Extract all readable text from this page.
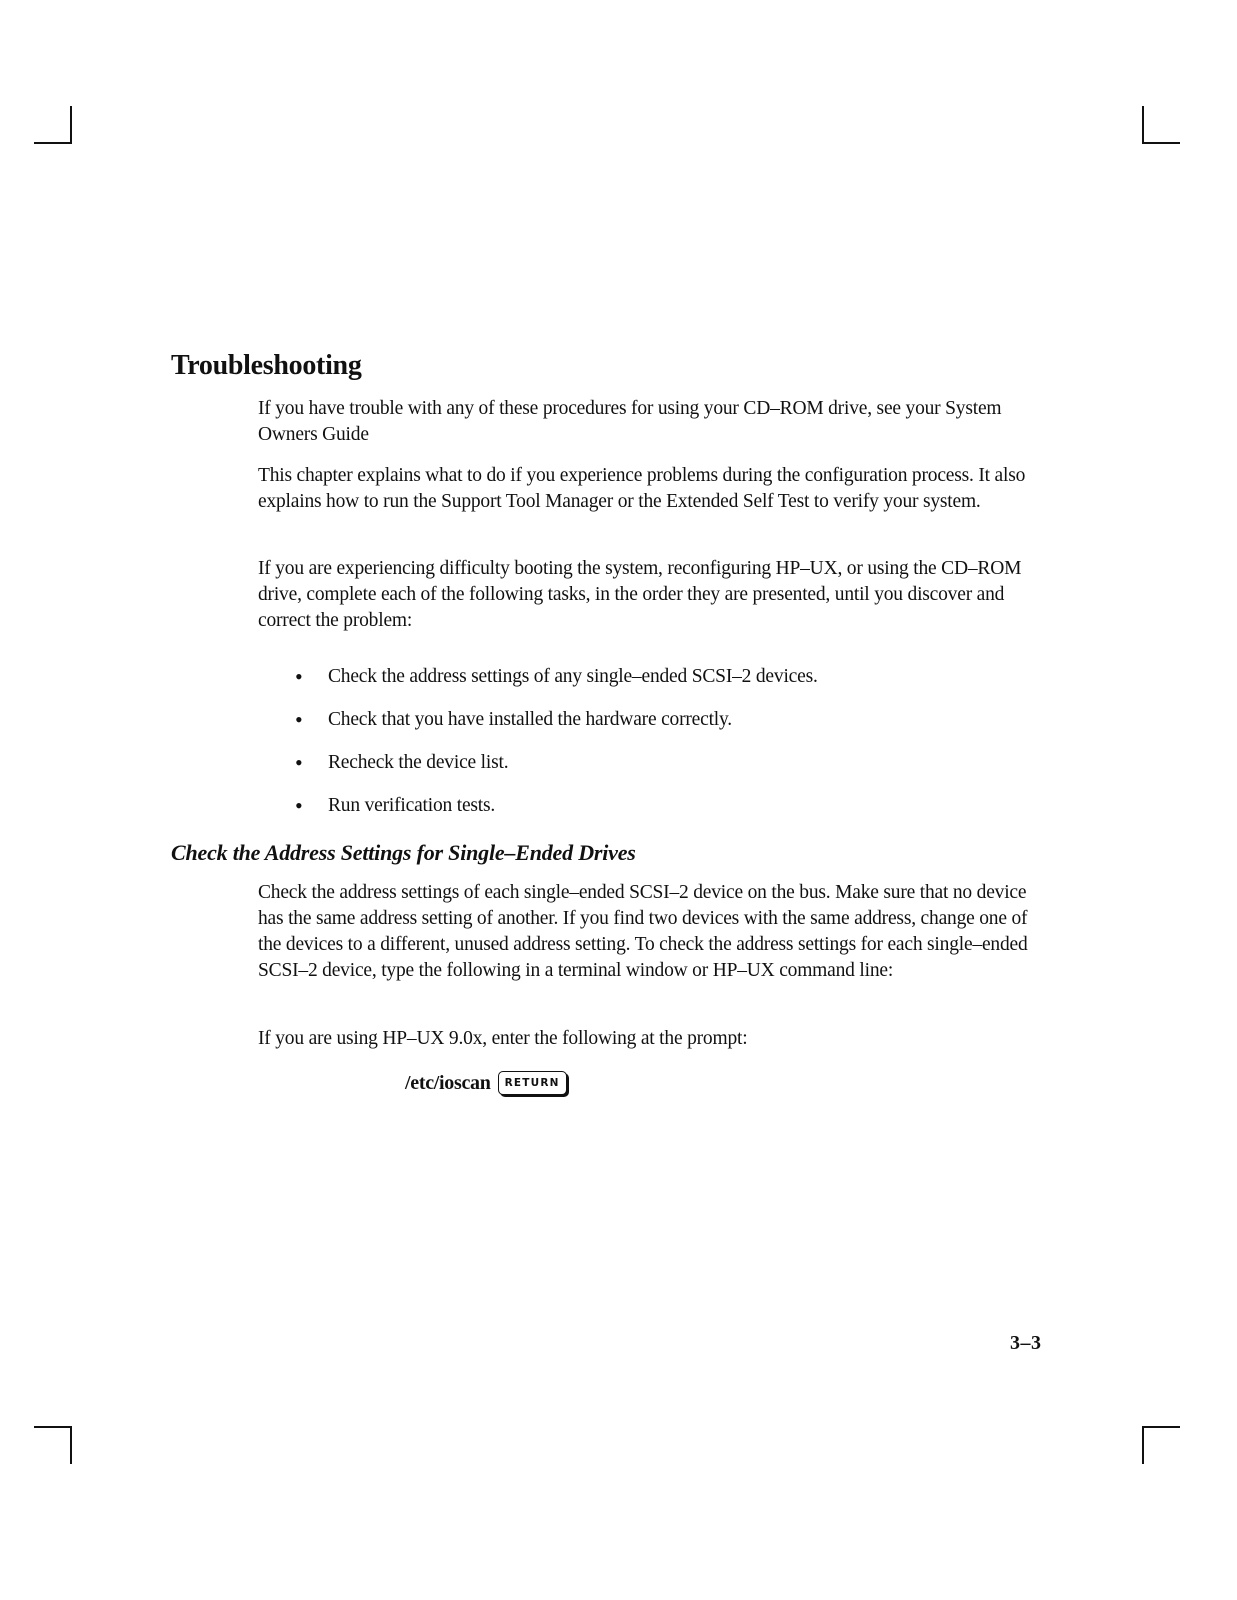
Troubleshooting

If you have trouble with any of these procedures for using your CD–ROM drive, see your System Owners Guide

This chapter explains what to do if you experience problems during the configuration process. It also explains how to run the Support Tool Manager or the Extended Self Test to verify your system.

If you are experiencing difficulty booting the system, reconfiguring HP–UX, or using the CD–ROM drive, complete each of the following tasks, in the order they are presented, until you discover and correct the problem:

• Check the address settings of any single–ended SCSI–2 devices.
• Check that you have installed the hardware correctly.
• Recheck the device list.
• Run verification tests.
Check the Address Settings for Single–Ended Drives

Check the address settings of each single–ended SCSI–2 device on the bus. Make sure that no device has the same address setting of another. If you find two devices with the same address, change one of the devices to a different, unused address setting. To check the address settings for each single–ended SCSI–2 device, type the following in a terminal window or HP–UX command line:

If you are using HP–UX 9.0x, enter the following at the prompt:

/etc/ioscan	RETURN
3–3
